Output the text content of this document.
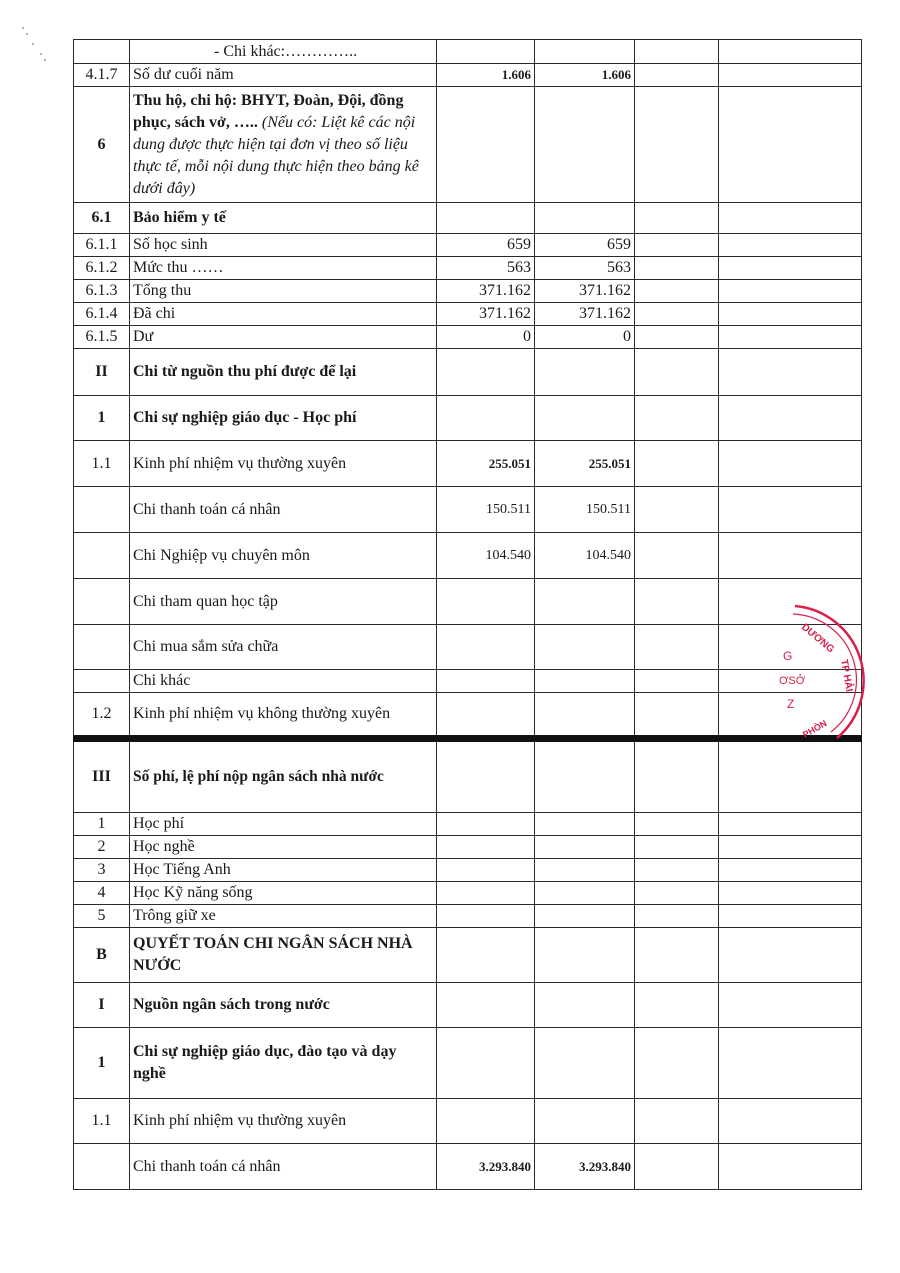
	- Chi khác:…………..				
4.1.7	Số dư cuối năm	1.606	1.606		
6	Thu hộ, chi hộ: BHYT, Đoàn, Đội, đồng phục, sách vở, ….. (Nếu có: Liệt kê các nội dung được thực hiện tại đơn vị theo số liệu thực tế, mỗi nội dung thực hiện theo bảng kê dưới đây)				
6.1	Bảo hiểm y tế				
6.1.1	Số học sinh	659	659		
6.1.2	Mức thu ……	563	563		
6.1.3	Tổng thu	371.162	371.162		
6.1.4	Đã chi	371.162	371.162		
6.1.5	Dư	0	0		
II	Chi từ nguồn thu phí được để lại				
1	Chi sự nghiệp giáo dục - Học phí				
1.1	Kinh phí nhiệm vụ thường xuyên	255.051	255.051		
	Chi thanh toán cá nhân	150.511	150.511		
	Chi Nghiệp vụ chuyên môn	104.540	104.540		
	Chi tham quan học tập				
	Chi mua sắm sửa chữa				
	Chi khác				
1.2	Kinh phí nhiệm vụ không thường xuyên				
III	Số phí, lệ phí nộp ngân sách nhà nước				
1	Học phí				
2	Học nghề				
3	Học Tiếng Anh				
4	Học Kỹ năng sống				
5	Trông giữ xe				
B	QUYẾT TOÁN CHI NGÂN SÁCH NHÀ NƯỚC				
I	Nguồn ngân sách trong nước				
1	Chi sự nghiệp giáo dục, đào tạo và dạy nghề				
1.1	Kinh phí nhiệm vụ thường xuyên				
	Chi thanh toán cá nhân	3.293.840	3.293.840		
DƯƠNG
TP HẢI
PHÒN
G
ƠSỞ
Z
